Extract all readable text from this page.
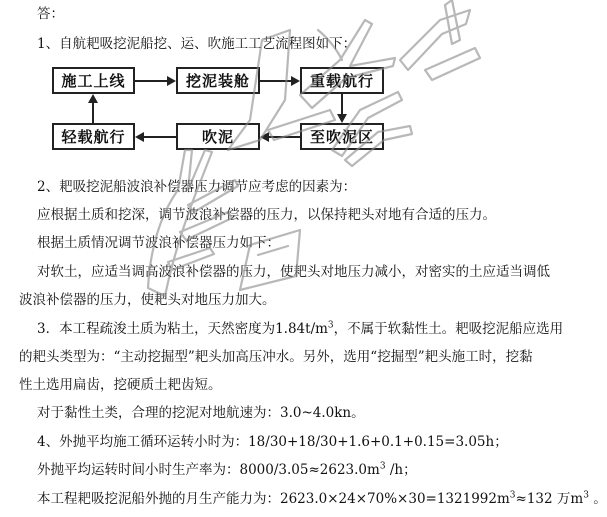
答：
1、自航耙吸挖泥船挖、运、吹施工工艺流程图如下：
施工上线	挖泥装舱	重载航行
至吹泥区
吹泥
轻载航行
2、耙吸挖泥船波浪补偿器压力调节应考虑的因素为：
应根据土质和挖深，调节波浪补偿器的压力，以保持耙头对地有合适的压力。
根据土质情况调节波浪补偿器压力如下：
对软土，应适当调高波浪补偿器的压力，使耙头对地压力减小，对密实的土应适当调低
波浪补偿器的压力，使耙头对地压力加大。
3．本工程疏浚土质为粘土，天然密度为$1.84t/m^3$，不属于软黏性土。耙吸挖泥船应选用
的耙头类型为：“主动挖掘型”耙头加高压冲水。另外，选用“挖掘型”耙头施工时，挖黏
性土选用扁齿，挖硬质土耙齿短。
对于黏性土类，合理的挖泥对地航速为：3.0~4.0kn。
4、外抛平均施工循环运转小时为：18/30+18/30+1.6+0.1+0.15=3.05h；
外抛平均运转时间小时生产率为：$8000/3.05\approx 2623.0m^3$ /h；
本工程耙吸挖泥船外抛的月生产能力为：$2623.0\times 24\times 70\%\times 30=1321992m^3\approx 132$ 万$m^3$ 。
